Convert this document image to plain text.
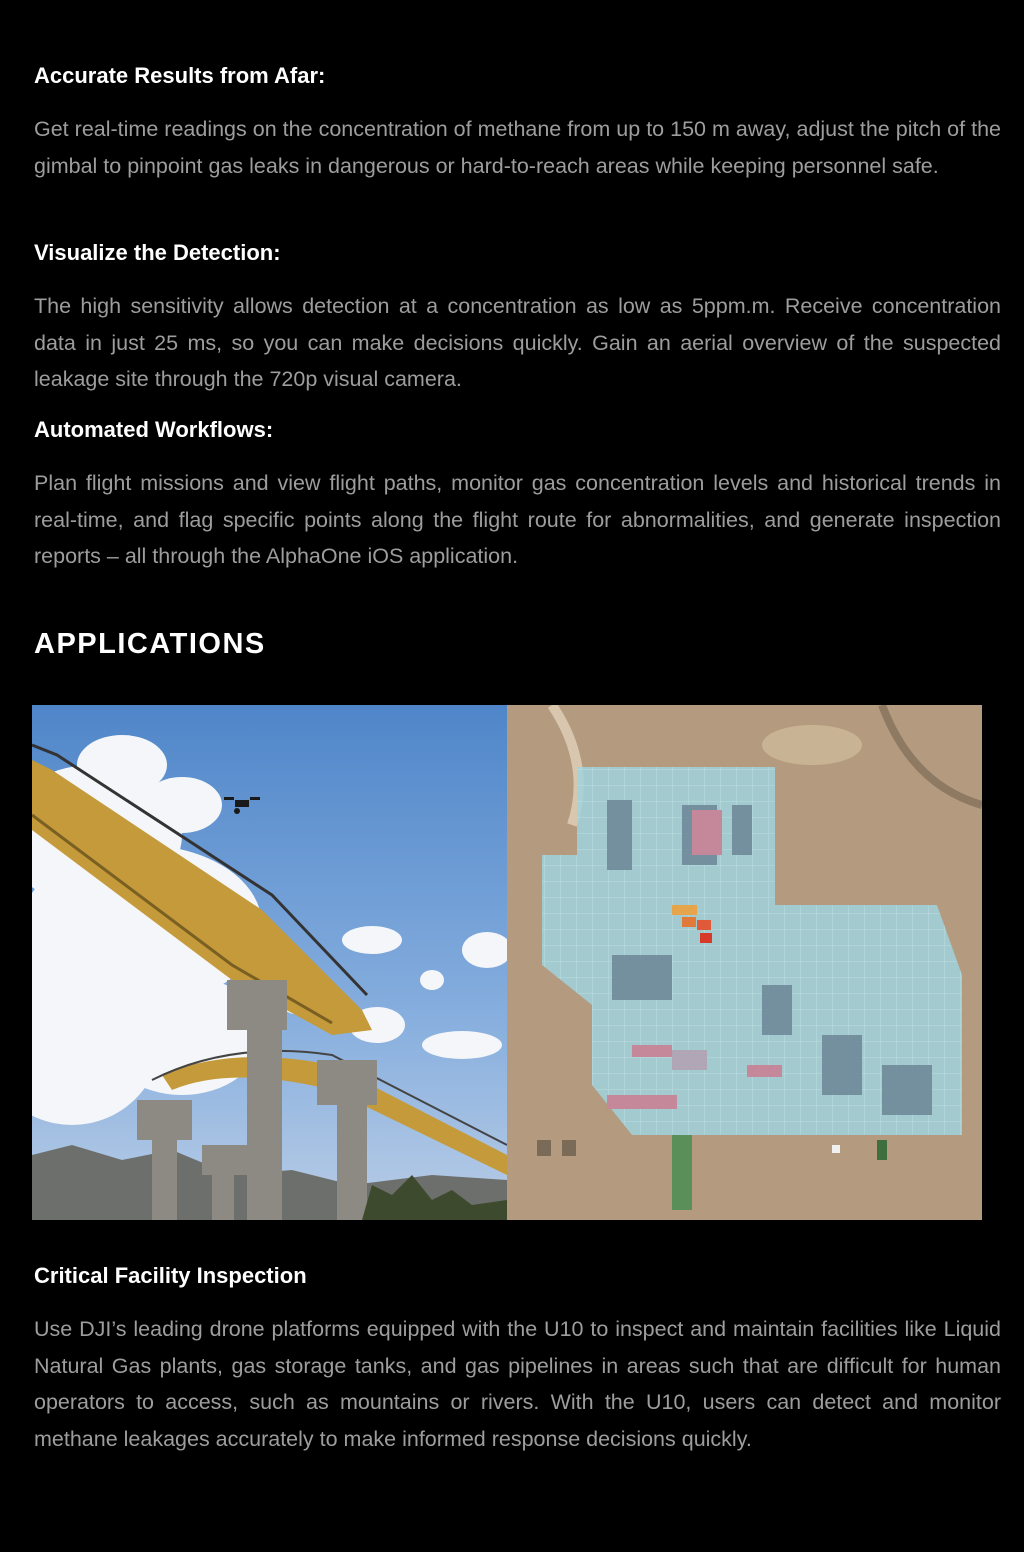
Accurate Results from Afar:

Get real-time readings on the concentration of methane from up to 150 m away, adjust the pitch of the gimbal to pinpoint gas leaks in dangerous or hard-to-reach areas while keeping personnel safe.

Visualize the Detection:

The high sensitivity allows detection at a concentration as low as 5ppm.m. Receive concentration data in just 25 ms, so you can make decisions quickly. Gain an aerial overview of the suspected leakage site through the 720p visual camera.

Automated Workflows:

Plan flight missions and view flight paths, monitor gas concentration levels and historical trends in real-time, and flag specific points along the flight route for abnormalities, and generate inspection reports – all through the AlphaOne iOS application.

APPLICATIONS
Critical Facility Inspection

Use DJI’s leading drone platforms equipped with the U10 to inspect and maintain facilities like Liquid Natural Gas plants, gas storage tanks, and gas pipelines in areas such that are difficult for human operators to access, such as mountains or rivers. With the U10, users can detect and monitor methane leakages accurately to make informed response decisions quickly.
